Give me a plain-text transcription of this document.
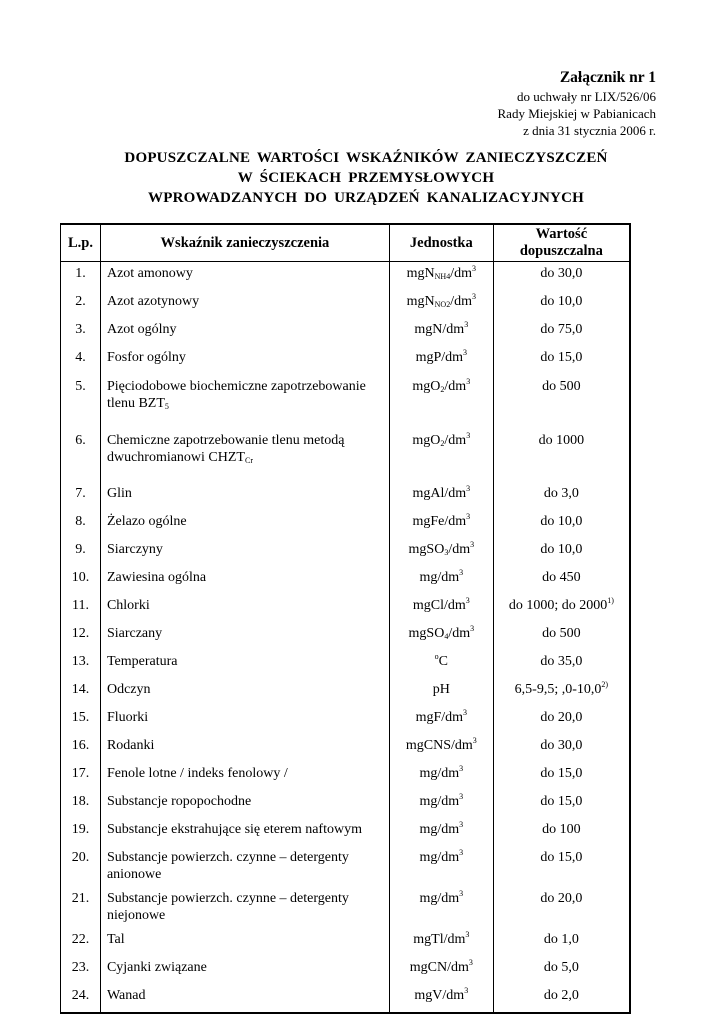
Załącznik nr 1
do uchwały nr LIX/526/06
Rady Miejskiej w Pabianicach
z dnia 31 stycznia 2006 r.
DOPUSZCZALNE WARTOŚCI WSKAŹNIKÓW ZANIECZYSZCZEŃ
W ŚCIEKACH PRZEMYSŁOWYCH
WPROWADZANYCH DO URZĄDZEŃ KANALIZACYJNYCH
L.p.	Wskaźnik zanieczyszczenia	Jednostka	Wartość
dopuszczalna

1.	Azot amonowy	$mgN_{NH4}/dm^3$	do 30,0
2.	Azot azotynowy	$mgN_{NO2}/dm^3$	do 10,0
3.	Azot ogólny	mgN/$dm^3$	do 75,0
4.	Fosfor ogólny	mgP/$dm^3$	do 15,0
5.	Pięciodobowe biochemiczne zapotrzebowanie
tlenu $BZT_5$	$mgO_2/dm^3$	do 500
6.	Chemiczne zapotrzebowanie tlenu metodą
dwuchromianowi $CHZT_{Cr}$	$mgO_2/dm^3$	do 1000
7.	Glin	mgAl/$dm^3$	do 3,0
8.	Żelazo ogólne	mgFe/$dm^3$	do 10,0
9.	Siarczyny	$mgSO_3/dm^3$	do 10,0
10.	Zawiesina ogólna	$mg/dm^3$	do 450
11.	Chlorki	mgCl/$dm^3$	do 1000; do 2000$^{1)}$
12.	Siarczany	$mgSO_4/dm^3$	do 500
13.	Temperatura	$^o$C	do 35,0
14.	Odczyn	pH	6,5-9,5; ,0-10,0$^{2)}$
15.	Fluorki	mgF/$dm^3$	do 20,0
16.	Rodanki	mgCNS/$dm^3$	do 30,0
17.	Fenole lotne / indeks fenolowy /	$mg/dm^3$	do 15,0
18.	Substancje ropopochodne	$mg/dm^3$	do 15,0
19.	Substancje ekstrahujące się eterem naftowym	$mg/dm^3$	do 100
20.	Substancje powierzch. czynne – detergenty
anionowe	$mg/dm^3$	do 15,0
21.	Substancje powierzch. czynne – detergenty
niejonowe	$mg/dm^3$	do 20,0
22.	Tal	mgTl/$dm^3$	do 1,0
23.	Cyjanki związane	mgCN/$dm^3$	do 5,0
24.	Wanad	mgV/$dm^3$	do 2,0
